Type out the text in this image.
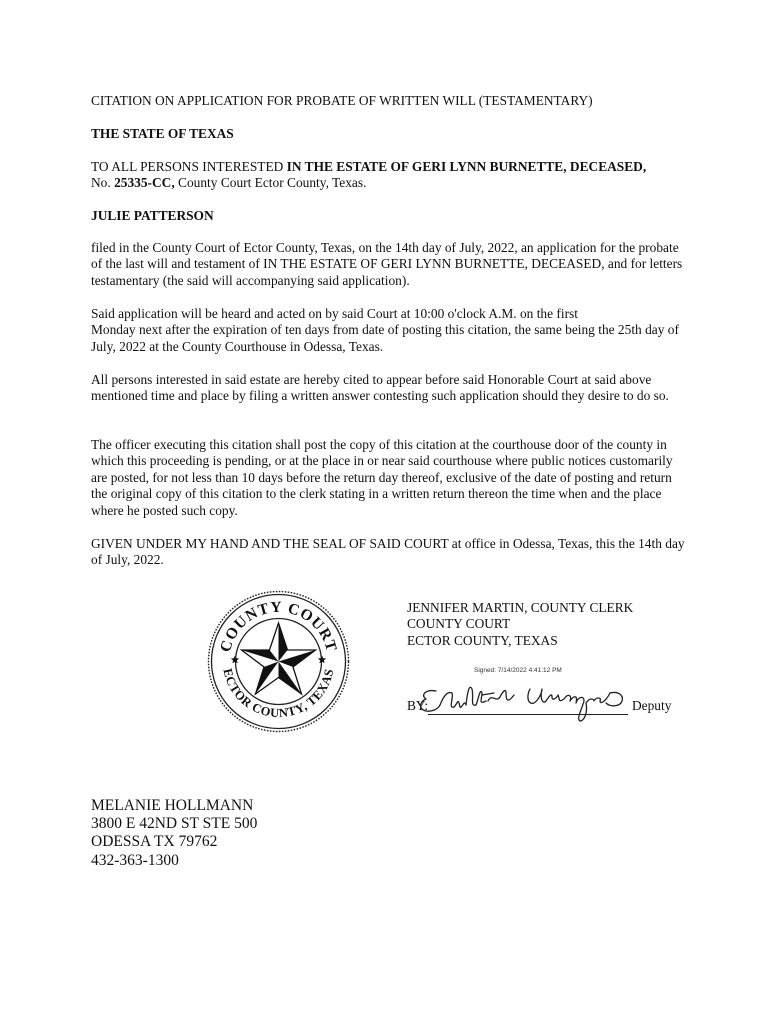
CITATION ON APPLICATION FOR PROBATE OF WRITTEN WILL (TESTAMENTARY)

THE STATE OF TEXAS

TO ALL PERSONS INTERESTED IN THE ESTATE OF GERI LYNN BURNETTE, DECEASED,
No. 25335-CC, County Court Ector County, Texas.

JULIE PATTERSON

filed in the County Court of Ector County, Texas, on the 14th day of July, 2022, an application for the probate of the last will and testament of IN THE ESTATE OF GERI LYNN BURNETTE, DECEASED, and for letters testamentary (the said will accompanying said application).

Said application will be heard and acted on by said Court at 10:00 o'clock A.M. on the first
Monday next after the expiration of ten days from date of posting this citation, the same being the 25th day of July, 2022 at the County Courthouse in Odessa, Texas.

All persons interested in said estate are hereby cited to appear before said Honorable Court at said above mentioned time and place by filing a written answer contesting such application should they desire to do so.

The officer executing this citation shall post the copy of this citation at the courthouse door of the county in which this proceeding is pending, or at the place in or near said courthouse where public notices customarily are posted, for not less than 10 days before the return day thereof, exclusive of the date of posting and return the original copy of this citation to the clerk stating in a written return thereon the time when and the place where he posted such copy.

GIVEN UNDER MY HAND AND THE SEAL OF SAID COURT at office in Odessa, Texas, this the 14th day of July, 2022.

COUNTY COURT
ECTOR COUNTY, TEXAS
JENNIFER MARTIN, COUNTY CLERK
COUNTY COURT
ECTOR COUNTY, TEXAS
Signed: 7/14/2022 4:41:12 PM
BY:	Deputy
MELANIE HOLLMANN
3800 E 42ND ST STE 500
ODESSA TX 79762
432-363-1300
